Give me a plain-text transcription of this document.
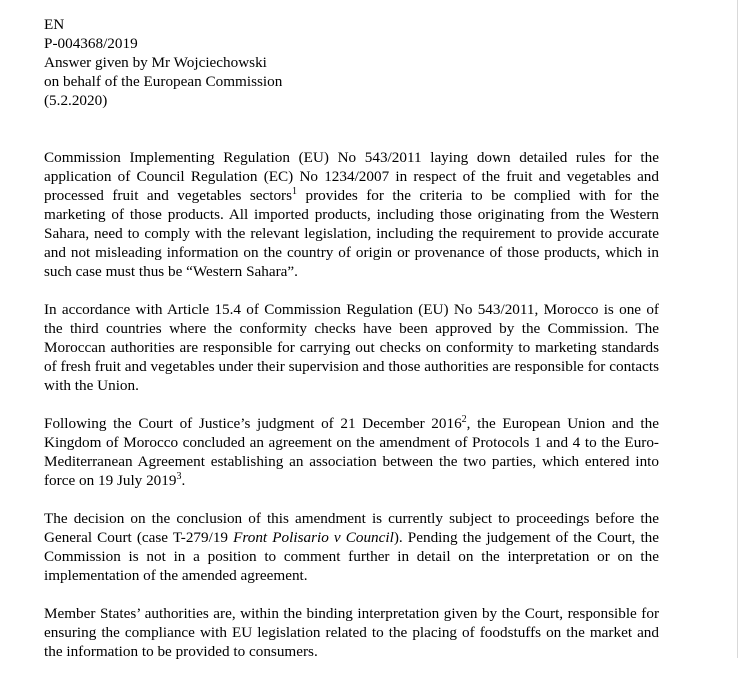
EN
P-004368/2019
Answer given by Mr Wojciechowski
on behalf of the European Commission
(5.2.2020)

Commission Implementing Regulation (EU) No 543/2011 laying down detailed rules for the application of Council Regulation (EC) No 1234/2007 in respect of the fruit and vegetables and processed fruit and vegetables sectors$^1$ provides for the criteria to be complied with for the marketing of those products. All imported products, including those originating from the Western Sahara, need to comply with the relevant legislation, including the requirement to provide accurate and not misleading information on the country of origin or provenance of those products, which in such case must thus be “Western Sahara”.

In accordance with Article 15.4 of Commission Regulation (EU) No 543/2011, Morocco is one of the third countries where the conformity checks have been approved by the Commission. The Moroccan authorities are responsible for carrying out checks on conformity to marketing standards of fresh fruit and vegetables under their supervision and those authorities are responsible for contacts with the Union.

Following the Court of Justice’s judgment of 21 December 2016$^2$, the European Union and the Kingdom of Morocco concluded an agreement on the amendment of Protocols 1 and 4 to the Euro-Mediterranean Agreement establishing an association between the two parties, which entered into force on 19 July 2019$^3$.

The decision on the conclusion of this amendment is currently subject to proceedings before the General Court (case T-279/19 Front Polisario v Council). Pending the judgement of the Court, the Commission is not in a position to comment further in detail on the interpretation or on the implementation of the amended agreement.

Member States’ authorities are, within the binding interpretation given by the Court, responsible for ensuring the compliance with EU legislation related to the placing of foodstuffs on the market and the information to be provided to consumers.
